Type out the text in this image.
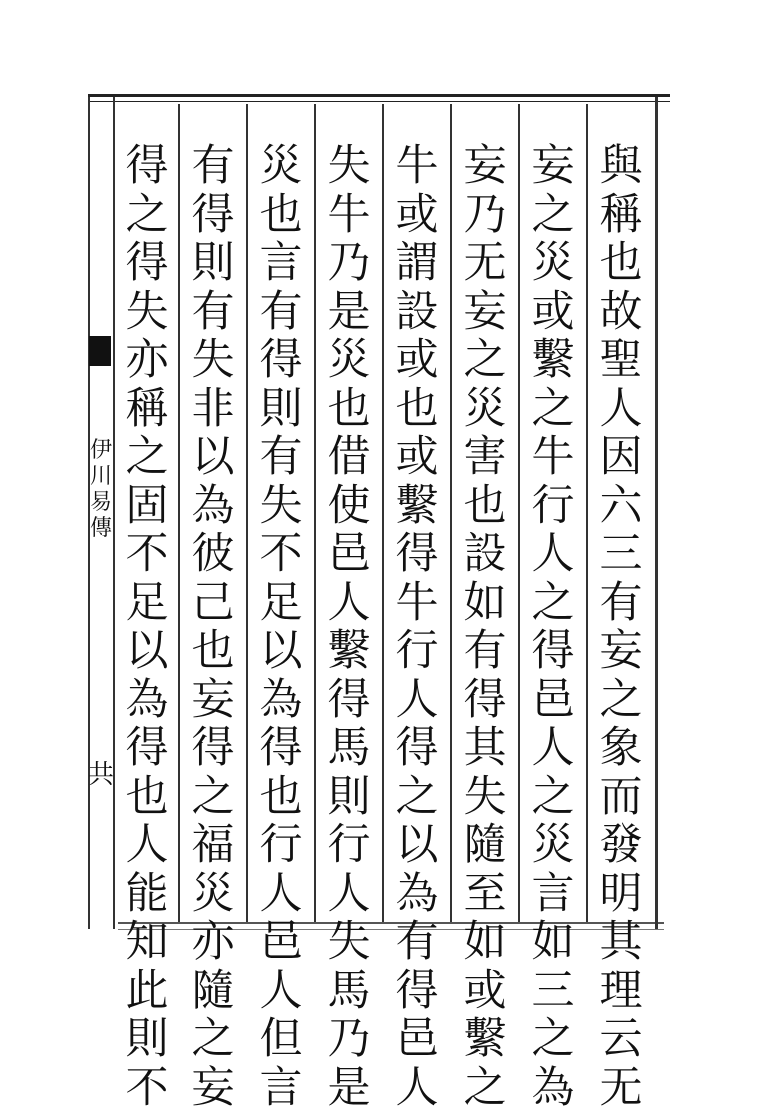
伊川易傳
共
與稱也故聖人因六三有妄之象而發明其理云无
妄之災或繫之牛行人之得邑人之災言如三之為
妄乃无妄之災害也設如有得其失隨至如或繫之
牛或謂設或也或繫得牛行人得之以為有得邑人
失牛乃是災也借使邑人繫得馬則行人失馬乃是
災也言有得則有失不足以為得也行人邑人但言
有得則有失非以為彼己也妄得之福災亦隨之妄
得之得失亦稱之固不足以為得也人能知此則不
